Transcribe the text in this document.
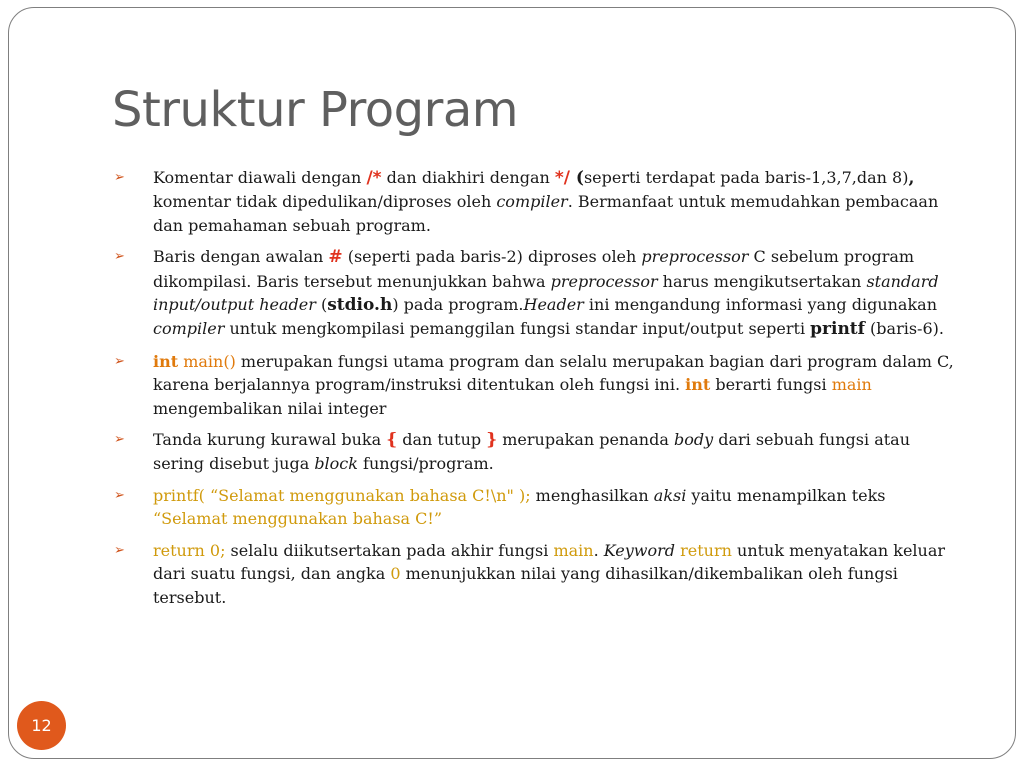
Struktur Program
➢ Komentar diawali dengan /* dan diakhiri dengan */ (seperti terdapat pada baris-1,3,7,dan 8), komentar tidak dipedulikan/diproses oleh compiler. Bermanfaat untuk memudahkan pembacaan dan pemahaman sebuah program.
➢ Baris dengan awalan # (seperti pada baris-2) diproses oleh preprocessor C sebelum program dikompilasi. Baris tersebut menunjukkan bahwa preprocessor harus mengikutsertakan standard input/output header (stdio.h) pada program.Header ini mengandung informasi yang digunakan compiler untuk mengkompilasi pemanggilan fungsi standar input/output seperti printf (baris-6).
➢ int main() merupakan fungsi utama program dan selalu merupakan bagian dari program dalam C, karena berjalannya program/instruksi ditentukan oleh fungsi ini. int berarti fungsi main mengembalikan nilai integer
➢ Tanda kurung kurawal buka { dan tutup } merupakan penanda body dari sebuah fungsi atau sering disebut juga block fungsi/program.
➢ printf( “Selamat menggunakan bahasa C!\n" ); menghasilkan aksi yaitu menampilkan teks “Selamat menggunakan bahasa C!”
➢ return 0; selalu diikutsertakan pada akhir fungsi main. Keyword return untuk menyatakan keluar dari suatu fungsi, dan angka 0 menunjukkan nilai yang dihasilkan/dikembalikan oleh fungsi tersebut.
12
